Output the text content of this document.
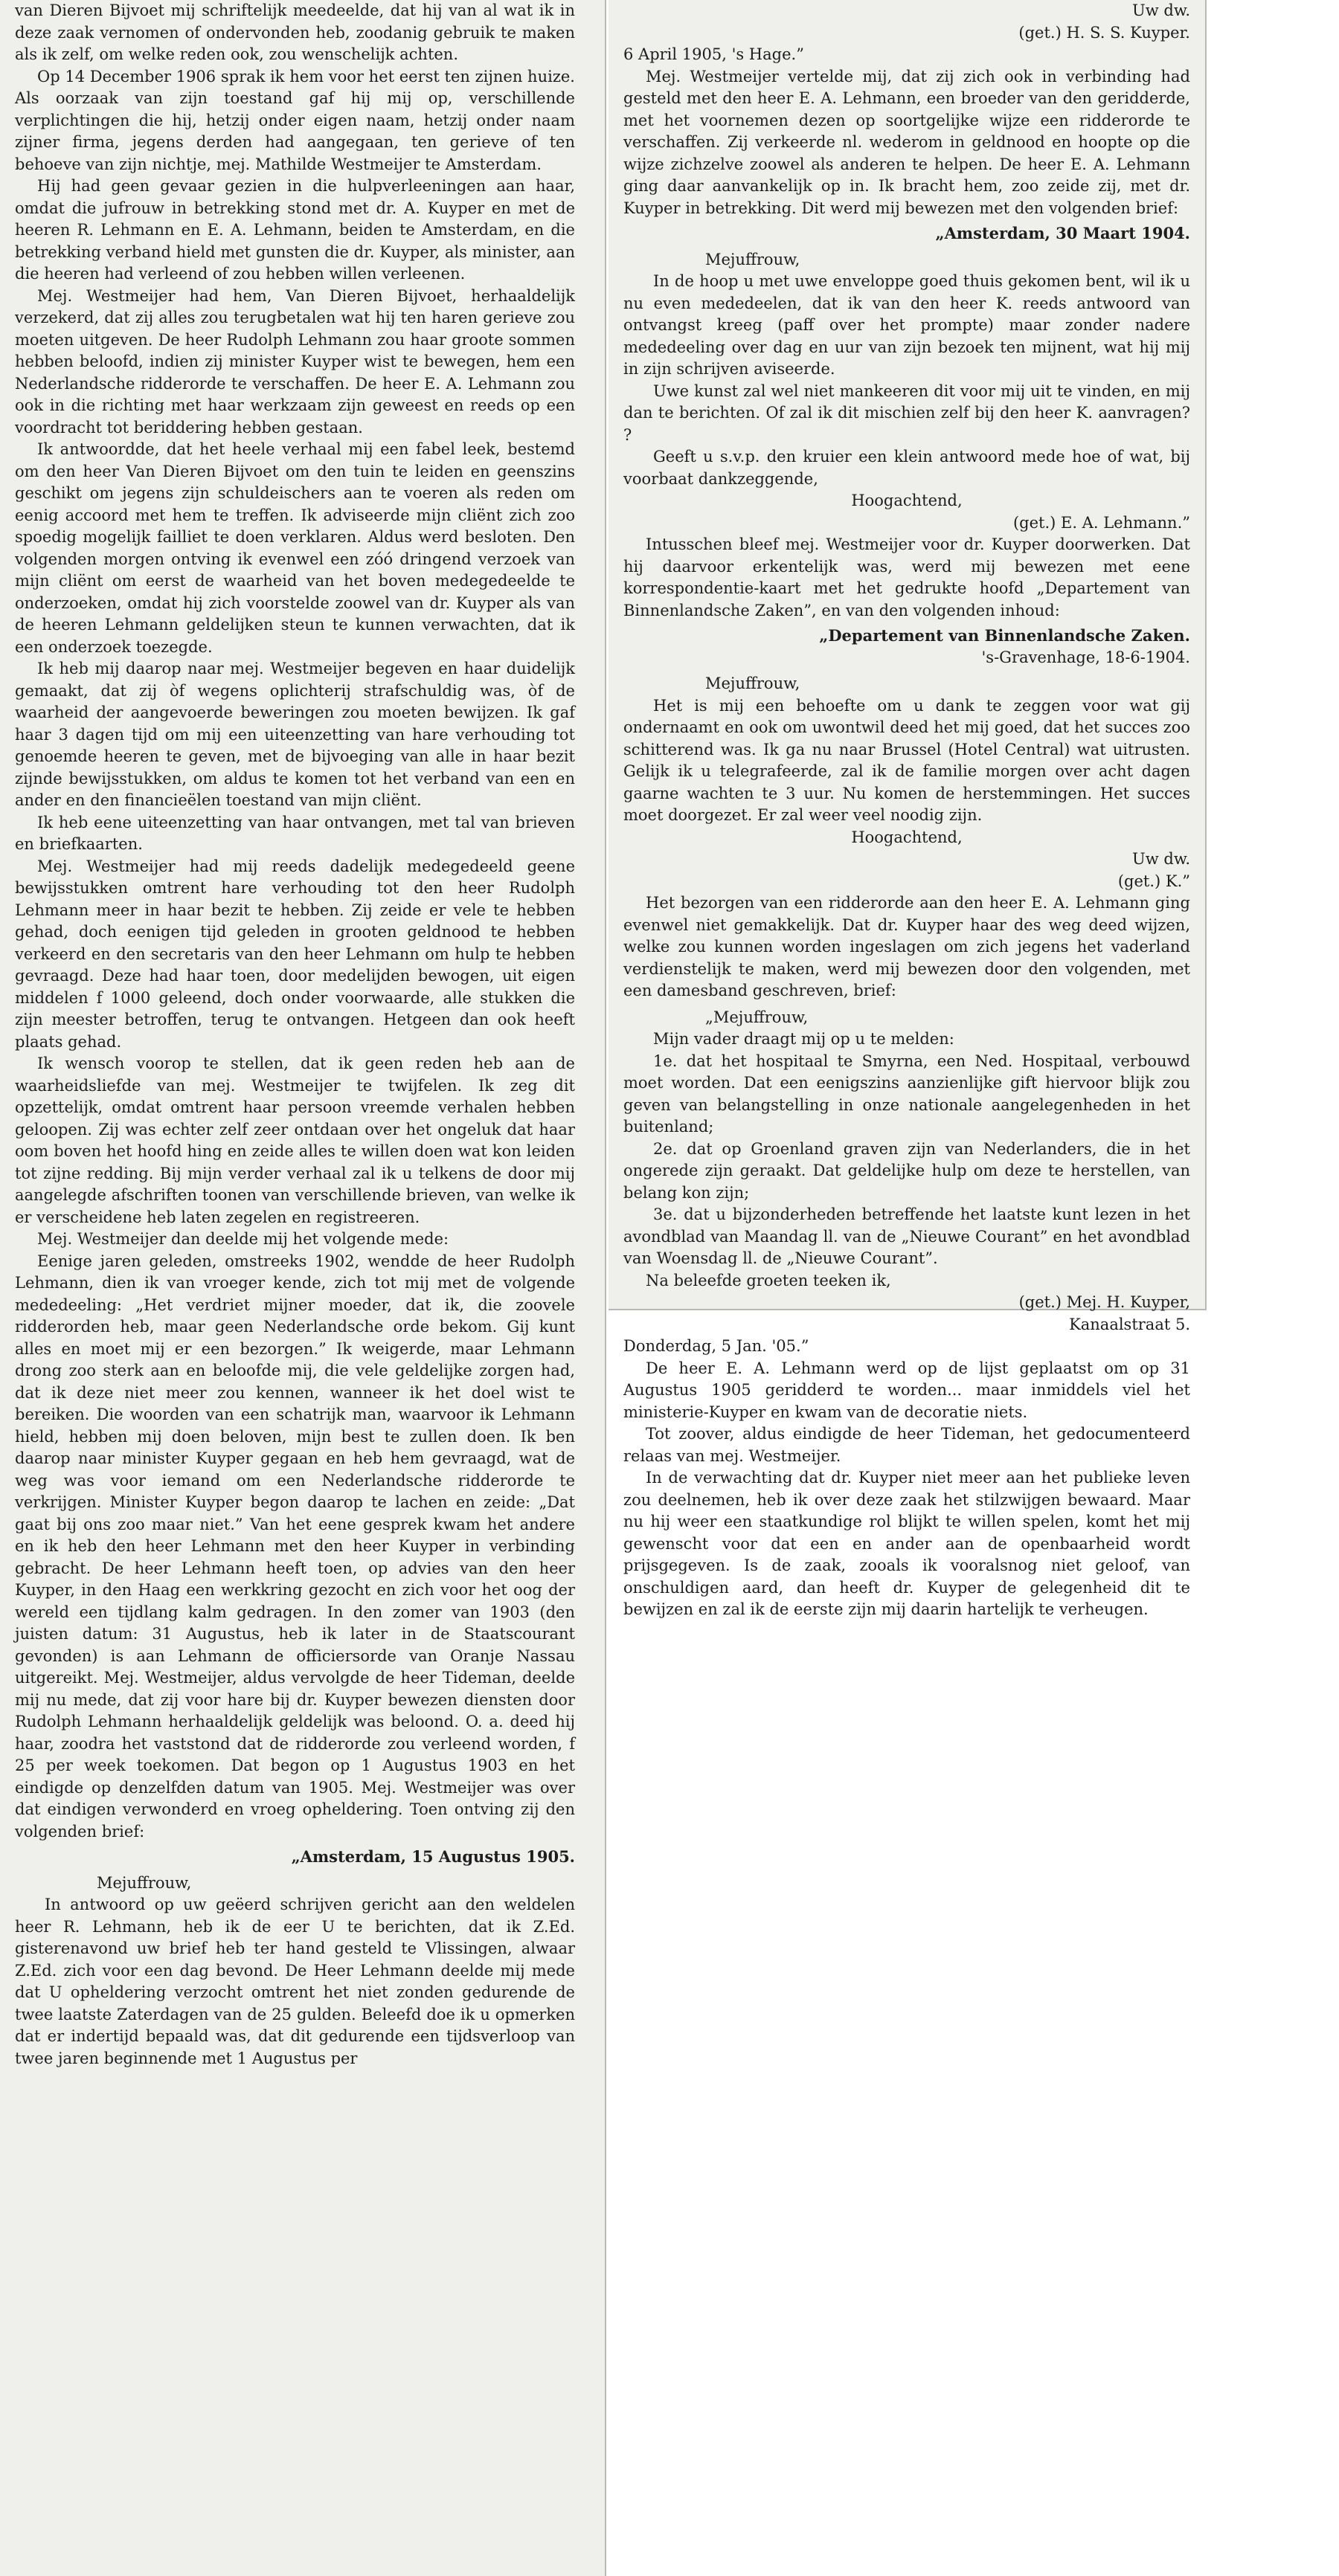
van Dieren Bijvoet mij schriftelijk meedeelde, dat hij van al wat ik in deze zaak vernomen of ondervonden heb, zoodanig gebruik te maken als ik zelf, om welke reden ook, zou wenschelijk achten.

Op 14 December 1906 sprak ik hem voor het eerst ten zijnen huize. Als oorzaak van zijn toestand gaf hij mij op, verschillende verplichtingen die hij, hetzij onder eigen naam, hetzij onder naam zijner firma, jegens derden had aangegaan, ten gerieve of ten behoeve van zijn nichtje, mej. Mathilde Westmeijer te Amsterdam.

Hij had geen gevaar gezien in die hulpverleeningen aan haar, omdat die jufrouw in betrekking stond met dr. A. Kuyper en met de heeren R. Lehmann en E. A. Lehmann, beiden te Amsterdam, en die betrekking verband hield met gunsten die dr. Kuyper, als minister, aan die heeren had verleend of zou hebben willen verleenen.

Mej. Westmeijer had hem, Van Dieren Bijvoet, herhaaldelijk verzekerd, dat zij alles zou terugbetalen wat hij ten haren gerieve zou moeten uitgeven. De heer Rudolph Lehmann zou haar groote sommen hebben beloofd, indien zij minister Kuyper wist te bewegen, hem een Nederlandsche ridderorde te verschaffen. De heer E. A. Lehmann zou ook in die richting met haar werkzaam zijn geweest en reeds op een voordracht tot beriddering hebben gestaan.

Ik antwoordde, dat het heele verhaal mij een fabel leek, bestemd om den heer Van Dieren Bijvoet om den tuin te leiden en geenszins geschikt om jegens zijn schuldeischers aan te voeren als reden om eenig accoord met hem te treffen. Ik adviseerde mijn cliënt zich zoo spoedig mogelijk failliet te doen verklaren. Aldus werd besloten. Den volgenden morgen ontving ik evenwel een zóó dringend verzoek van mijn cliënt om eerst de waarheid van het boven medegedeelde te onderzoeken, omdat hij zich voorstelde zoowel van dr. Kuyper als van de heeren Lehmann geldelijken steun te kunnen verwachten, dat ik een onderzoek toezegde.

Ik heb mij daarop naar mej. Westmeijer begeven en haar duidelijk gemaakt, dat zij òf wegens oplichterij strafschuldig was, òf de waarheid der aangevoerde beweringen zou moeten bewijzen. Ik gaf haar 3 dagen tijd om mij een uiteenzetting van hare verhouding tot genoemde heeren te geven, met de bijvoeging van alle in haar bezit zijnde bewijsstukken, om aldus te komen tot het verband van een en ander en den financieëlen toestand van mijn cliënt.

Ik heb eene uiteenzetting van haar ontvangen, met tal van brieven en briefkaarten.

Mej. Westmeijer had mij reeds dadelijk medegedeeld geene bewijsstukken omtrent hare verhouding tot den heer Rudolph Lehmann meer in haar bezit te hebben. Zij zeide er vele te hebben gehad, doch eenigen tijd geleden in grooten geldnood te hebben verkeerd en den secretaris van den heer Lehmann om hulp te hebben gevraagd. Deze had haar toen, door medelijden bewogen, uit eigen middelen f 1000 geleend, doch onder voorwaarde, alle stukken die zijn meester betroffen, terug te ontvangen. Hetgeen dan ook heeft plaats gehad.

Ik wensch voorop te stellen, dat ik geen reden heb aan de waarheidsliefde van mej. Westmeijer te twijfelen. Ik zeg dit opzettelijk, omdat omtrent haar persoon vreemde verhalen hebben geloopen. Zij was echter zelf zeer ontdaan over het ongeluk dat haar oom boven het hoofd hing en zeide alles te willen doen wat kon leiden tot zijne redding. Bij mijn verder verhaal zal ik u telkens de door mij aangelegde afschriften toonen van verschillende brieven, van welke ik er verscheidene heb laten zegelen en registreeren.

Mej. Westmeijer dan deelde mij het volgende mede:

Eenige jaren geleden, omstreeks 1902, wendde de heer Rudolph Lehmann, dien ik van vroeger kende, zich tot mij met de volgende mededeeling: „Het verdriet mijner moeder, dat ik, die zoovele ridderorden heb, maar geen Nederlandsche orde bekom. Gij kunt alles en moet mij er een bezorgen.” Ik weigerde, maar Lehmann drong zoo sterk aan en beloofde mij, die vele geldelijke zorgen had, dat ik deze niet meer zou kennen, wanneer ik het doel wist te bereiken. Die woorden van een schatrijk man, waarvoor ik Lehmann hield, hebben mij doen beloven, mijn best te zullen doen. Ik ben daarop naar minister Kuyper gegaan en heb hem gevraagd, wat de weg was voor iemand om een Nederlandsche ridderorde te verkrijgen. Minister Kuyper begon daarop te lachen en zeide: „Dat gaat bij ons zoo maar niet.” Van het eene gesprek kwam het andere en ik heb den heer Lehmann met den heer Kuyper in verbinding gebracht. De heer Lehmann heeft toen, op advies van den heer Kuyper, in den Haag een werkkring gezocht en zich voor het oog der wereld een tijdlang kalm gedragen. In den zomer van 1903 (den juisten datum: 31 Augustus, heb ik later in de Staatscourant gevonden) is aan Lehmann de officiersorde van Oranje Nassau uitgereikt. Mej. Westmeijer, aldus vervolgde de heer Tideman, deelde mij nu mede, dat zij voor hare bij dr. Kuyper bewezen diensten door Rudolph Lehmann herhaaldelijk geldelijk was beloond. O. a. deed hij haar, zoodra het vaststond dat de ridderorde zou verleend worden, f 25 per week toekomen. Dat begon op 1 Augustus 1903 en het eindigde op denzelfden datum van 1905. Mej. Westmeijer was over dat eindigen verwonderd en vroeg opheldering. Toen ontving zij den volgenden brief:

„Amsterdam, 15 Augustus 1905.

Mejuffrouw,

In antwoord op uw geëerd schrijven gericht aan den weldelen heer R. Lehmann, heb ik de eer U te berichten, dat ik Z.Ed. gisterenavond uw brief heb ter hand gesteld te Vlissingen, alwaar Z.Ed. zich voor een dag bevond. De Heer Lehmann deelde mij mede dat U opheldering verzocht omtrent het niet zonden gedurende de twee laatste Zaterdagen van de 25 gulden. Beleefd doe ik u opmerken dat er indertijd bepaald was, dat dit gedurende een tijdsverloop van twee jaren beginnende met 1 Augustus per

Uw dw.

(get.) H. S. S. Kuyper.

6 April 1905, 's Hage.”

Mej. Westmeijer vertelde mij, dat zij zich ook in verbinding had gesteld met den heer E. A. Lehmann, een broeder van den geridderde, met het voornemen dezen op soortgelijke wijze een ridderorde te verschaffen. Zij verkeerde nl. wederom in geldnood en hoopte op die wijze zichzelve zoowel als anderen te helpen. De heer E. A. Lehmann ging daar aanvankelijk op in. Ik bracht hem, zoo zeide zij, met dr. Kuyper in betrekking. Dit werd mij bewezen met den volgenden brief:

„Amsterdam, 30 Maart 1904.

Mejuffrouw,

In de hoop u met uwe enveloppe goed thuis gekomen bent, wil ik u nu even mededeelen, dat ik van den heer K. reeds antwoord van ontvangst kreeg (paff over het prompte) maar zonder nadere mededeeling over dag en uur van zijn bezoek ten mijnent, wat hij mij in zijn schrijven aviseerde.

Uwe kunst zal wel niet mankeeren dit voor mij uit te vinden, en mij dan te berichten. Of zal ik dit mischien zelf bij den heer K. aanvragen? ?

Geeft u s.v.p. den kruier een klein antwoord mede hoe of wat, bij voorbaat dankzeggende,

Hoogachtend,

(get.) E. A. Lehmann.”

Intusschen bleef mej. Westmeijer voor dr. Kuyper doorwerken. Dat hij daarvoor erkentelijk was, werd mij bewezen met eene korrespondentie-kaart met het gedrukte hoofd „Departement van Binnenlandsche Zaken”, en van den volgenden inhoud:

„Departement van Binnenlandsche Zaken.

's-Gravenhage, 18-6-1904.

Mejuffrouw,

Het is mij een behoefte om u dank te zeggen voor wat gij ondernaamt en ook om uwontwil deed het mij goed, dat het succes zoo schitterend was. Ik ga nu naar Brussel (Hotel Central) wat uitrusten. Gelijk ik u telegrafeerde, zal ik de familie morgen over acht dagen gaarne wachten te 3 uur. Nu komen de herstemmingen. Het succes moet doorgezet. Er zal weer veel noodig zijn.

Hoogachtend,

Uw dw.

(get.) K.”

Het bezorgen van een ridderorde aan den heer E. A. Lehmann ging evenwel niet gemakkelijk. Dat dr. Kuyper haar des weg deed wijzen, welke zou kunnen worden ingeslagen om zich jegens het vaderland verdienstelijk te maken, werd mij bewezen door den volgenden, met een damesband geschreven, brief:

„Mejuffrouw,

Mijn vader draagt mij op u te melden:

1e. dat het hospitaal te Smyrna, een Ned. Hospitaal, verbouwd moet worden. Dat een eenigszins aanzienlijke gift hiervoor blijk zou geven van belangstelling in onze nationale aangelegenheden in het buitenland;

2e. dat op Groenland graven zijn van Nederlanders, die in het ongerede zijn geraakt. Dat geldelijke hulp om deze te herstellen, van belang kon zijn;

3e. dat u bijzonderheden betreffende het laatste kunt lezen in het avondblad van Maandag ll. van de „Nieuwe Courant” en het avondblad van Woensdag ll. de „Nieuwe Courant”.

Na beleefde groeten teeken ik,

(get.) Mej. H. Kuyper,

Kanaalstraat 5.

Donderdag, 5 Jan. '05.”

De heer E. A. Lehmann werd op de lijst geplaatst om op 31 Augustus 1905 geridderd te worden... maar inmiddels viel het ministerie-Kuyper en kwam van de decoratie niets.

Tot zoover, aldus eindigde de heer Tideman, het gedocumenteerd relaas van mej. Westmeijer.

In de verwachting dat dr. Kuyper niet meer aan het publieke leven zou deelnemen, heb ik over deze zaak het stilzwijgen bewaard. Maar nu hij weer een staatkundige rol blijkt te willen spelen, komt het mij gewenscht voor dat een en ander aan de openbaarheid wordt prijsgegeven. Is de zaak, zooals ik vooralsnog niet geloof, van onschuldigen aard, dan heeft dr. Kuyper de gelegenheid dit te bewijzen en zal ik de eerste zijn mij daarin hartelijk te verheugen.
